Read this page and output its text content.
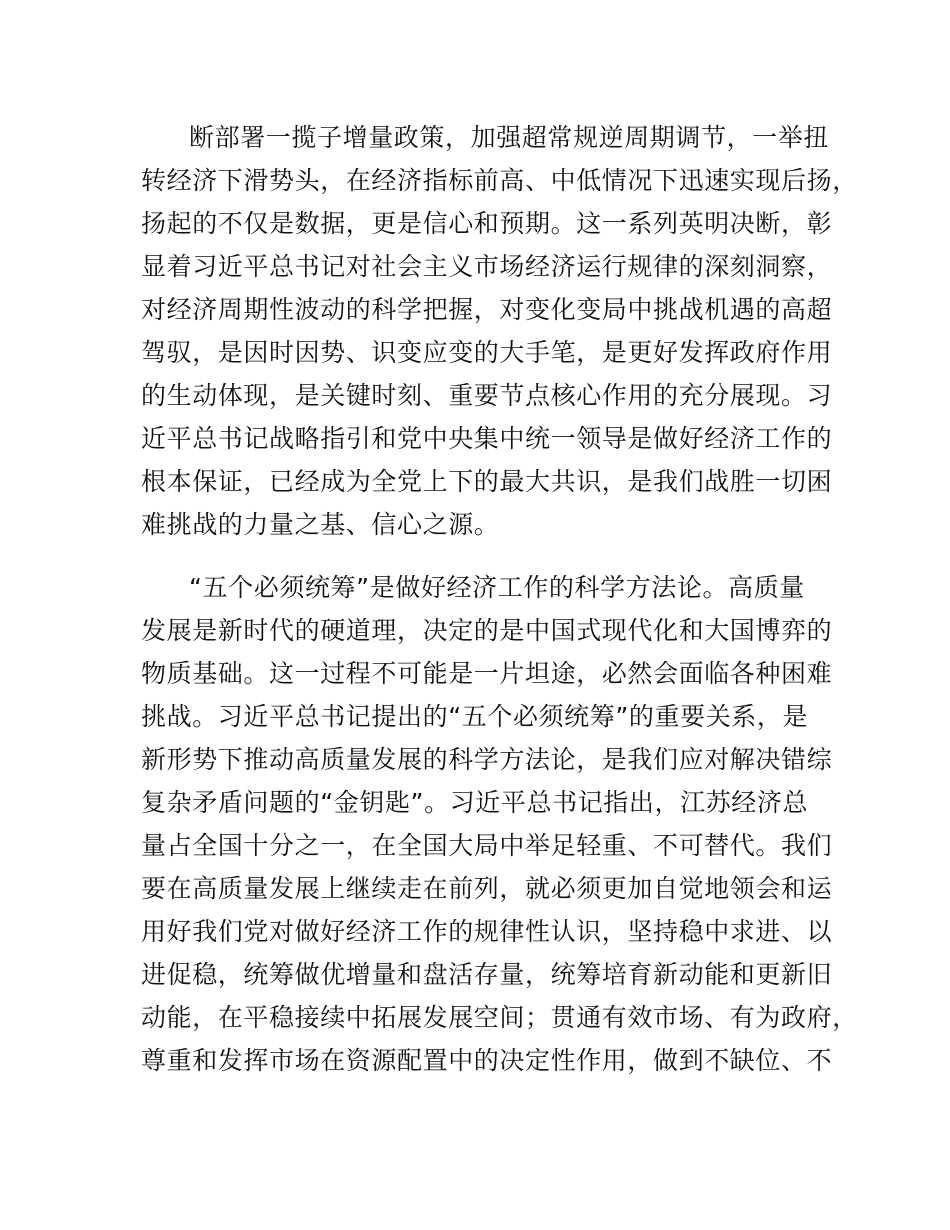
断部署一揽子增量政策，加强超常规逆周期调节，一举扭
转经济下滑势头，在经济指标前高、中低情况下迅速实现后扬，
扬起的不仅是数据，更是信心和预期。这一系列英明决断，彰
显着习近平总书记对社会主义市场经济运行规律的深刻洞察，
对经济周期性波动的科学把握，对变化变局中挑战机遇的高超
驾驭，是因时因势、识变应变的大手笔，是更好发挥政府作用
的生动体现，是关键时刻、重要节点核心作用的充分展现。习
近平总书记战略指引和党中央集中统一领导是做好经济工作的
根本保证，已经成为全党上下的最大共识，是我们战胜一切困
难挑战的力量之基、信心之源。
“五个必须统筹”是做好经济工作的科学方法论。高质量
发展是新时代的硬道理，决定的是中国式现代化和大国博弈的
物质基础。这一过程不可能是一片坦途，必然会面临各种困难
挑战。习近平总书记提出的“五个必须统筹”的重要关系，是
新形势下推动高质量发展的科学方法论，是我们应对解决错综
复杂矛盾问题的“金钥匙”。习近平总书记指出，江苏经济总
量占全国十分之一，在全国大局中举足轻重、不可替代。我们
要在高质量发展上继续走在前列，就必须更加自觉地领会和运
用好我们党对做好经济工作的规律性认识，坚持稳中求进、以
进促稳，统筹做优增量和盘活存量，统筹培育新动能和更新旧
动能，在平稳接续中拓展发展空间；贯通有效市场、有为政府，
尊重和发挥市场在资源配置中的决定性作用，做到不缺位、不
